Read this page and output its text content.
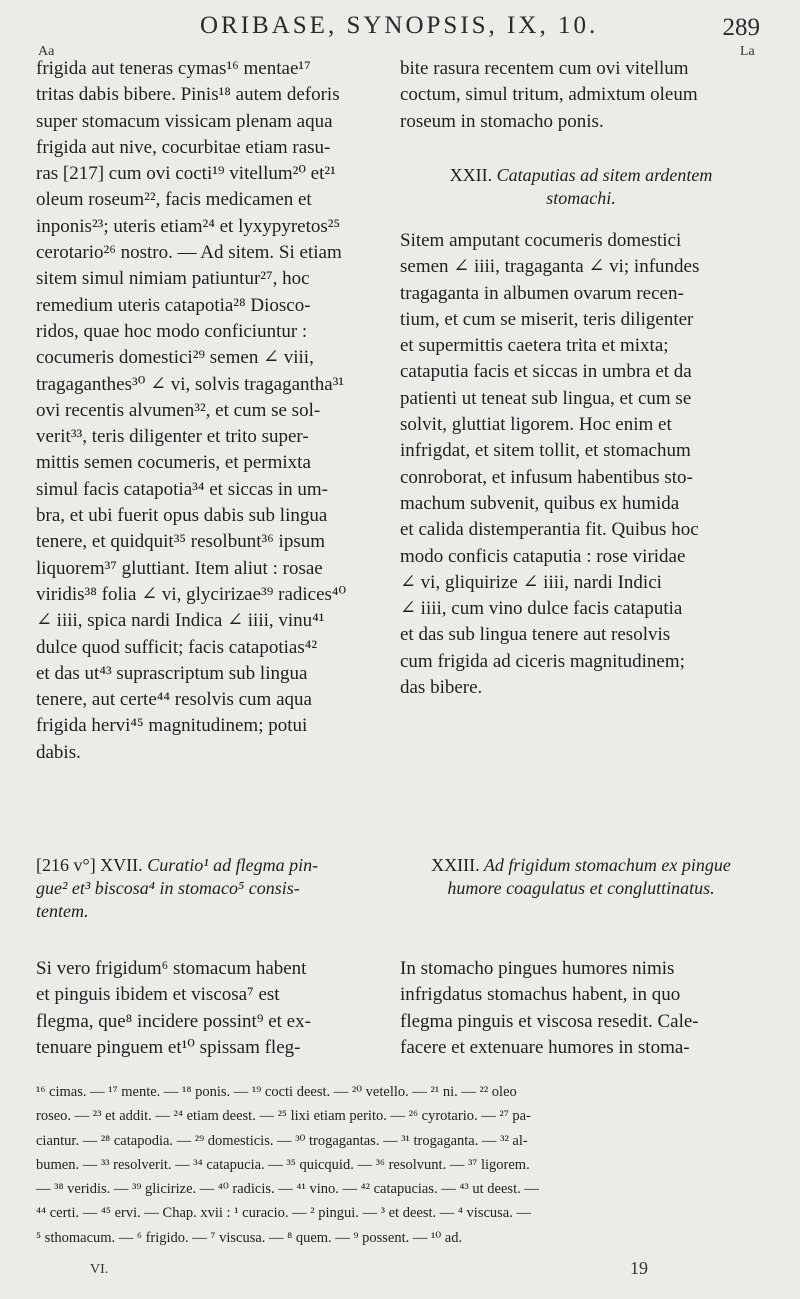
ORIBASE, SYNOPSIS, IX, 10.	289
Aa	La
frigida aut teneras cymas¹⁶ mentae¹⁷
tritas dabis bibere. Pinis¹⁸ autem deforis
super stomacum vissicam plenam aqua
frigida aut nive, cocurbitae etiam rasu-
ras [217] cum ovi cocti¹⁹ vitellum²⁰ et²¹
oleum roseum²², facis medicamen et
inponis²³; uteris etiam²⁴ et lyxypyretos²⁵
cerotario²⁶ nostro. — Ad sitem. Si etiam
sitem simul nimiam patiuntur²⁷, hoc
remedium uteris catapotia²⁸ Diosco-
ridos, quae hoc modo conficiuntur :
cocumeris domestici²⁹ semen ∠ viii,
tragaganthes³⁰ ∠ vi, solvis tragagantha³¹
ovi recentis alvumen³², et cum se sol-
verit³³, teris diligenter et trito super-
mittis semen cocumeris, et permixta
simul facis catapotia³⁴ et siccas in um-
bra, et ubi fuerit opus dabis sub lingua
tenere, et quidquit³⁵ resolbunt³⁶ ipsum
liquorem³⁷ gluttiant. Item aliut : rosae
viridis³⁸ folia ∠ vi, glycirizae³⁹ radices⁴⁰
∠ iiii, spica nardi Indica ∠ iiii, vinu⁴¹
dulce quod sufficit; facis catapotias⁴²
et das ut⁴³ suprascriptum sub lingua
tenere, aut certe⁴⁴ resolvis cum aqua
frigida hervi⁴⁵ magnitudinem; potui
dabis.
[216 v°] XVII. Curatio¹ ad flegma pin-
gue² et³ biscosa⁴ in stomaco⁵ consis-
tentem.
Si vero frigidum⁶ stomacum habent
et pinguis ibidem et viscosa⁷ est
flegma, que⁸ incidere possint⁹ et ex-
tenuare pinguem et¹⁰ spissam fleg-
bite rasura recentem cum ovi vitellum
coctum, simul tritum, admixtum oleum
roseum in stomacho ponis.
XXII. Cataputias ad sitem ardentem
stomachi.
Sitem amputant cocumeris domestici
semen ∠ iiii, tragaganta ∠ vi; infundes
tragaganta in albumen ovarum recen-
tium, et cum se miserit, teris diligenter
et supermittis caetera trita et mixta;
cataputia facis et siccas in umbra et da
patienti ut teneat sub lingua, et cum se
solvit, gluttiat ligorem. Hoc enim et
infrigdat, et sitem tollit, et stomachum
conroborat, et infusum habentibus sto-
machum subvenit, quibus ex humida
et calida distemperantia fit. Quibus hoc
modo conficis cataputia : rose viridae
∠ vi, gliquirize ∠ iiii, nardi Indici
∠ iiii, cum vino dulce facis cataputia
et das sub lingua tenere aut resolvis
cum frigida ad ciceris magnitudinem;
das bibere.
XXIII. Ad frigidum stomachum ex pingue
humore coagulatus et congluttinatus.
In stomacho pingues humores nimis
infrigdatus stomachus habent, in quo
flegma pinguis et viscosa resedit. Cale-
facere et extenuare humores in stoma-
¹⁶ cimas. — ¹⁷ mente. — ¹⁸ ponis. — ¹⁹ cocti deest. — ²⁰ vetello. — ²¹ ni. — ²² oleo
roseo. — ²³ et addit. — ²⁴ etiam deest. — ²⁵ lixi etiam perito. — ²⁶ cyrotario. — ²⁷ pa-
ciantur. — ²⁸ catapodia. — ²⁹ domesticis. — ³⁰ trogagantas. — ³¹ trogaganta. — ³² al-
bumen. — ³³ resolverit. — ³⁴ catapucia. — ³⁵ quicquid. — ³⁶ resolvunt. — ³⁷ ligorem.
— ³⁸ veridis. — ³⁹ glicirize. — ⁴⁰ radicis. — ⁴¹ vino. — ⁴² catapucias. — ⁴³ ut deest. —
⁴⁴ certi. — ⁴⁵ ervi. — Chap. xvii : ¹ curacio. — ² pingui. — ³ et deest. — ⁴ viscusa. —
⁵ sthomacum. — ⁶ frigido. — ⁷ viscusa. — ⁸ quem. — ⁹ possent. — ¹⁰ ad.
VI.	19
